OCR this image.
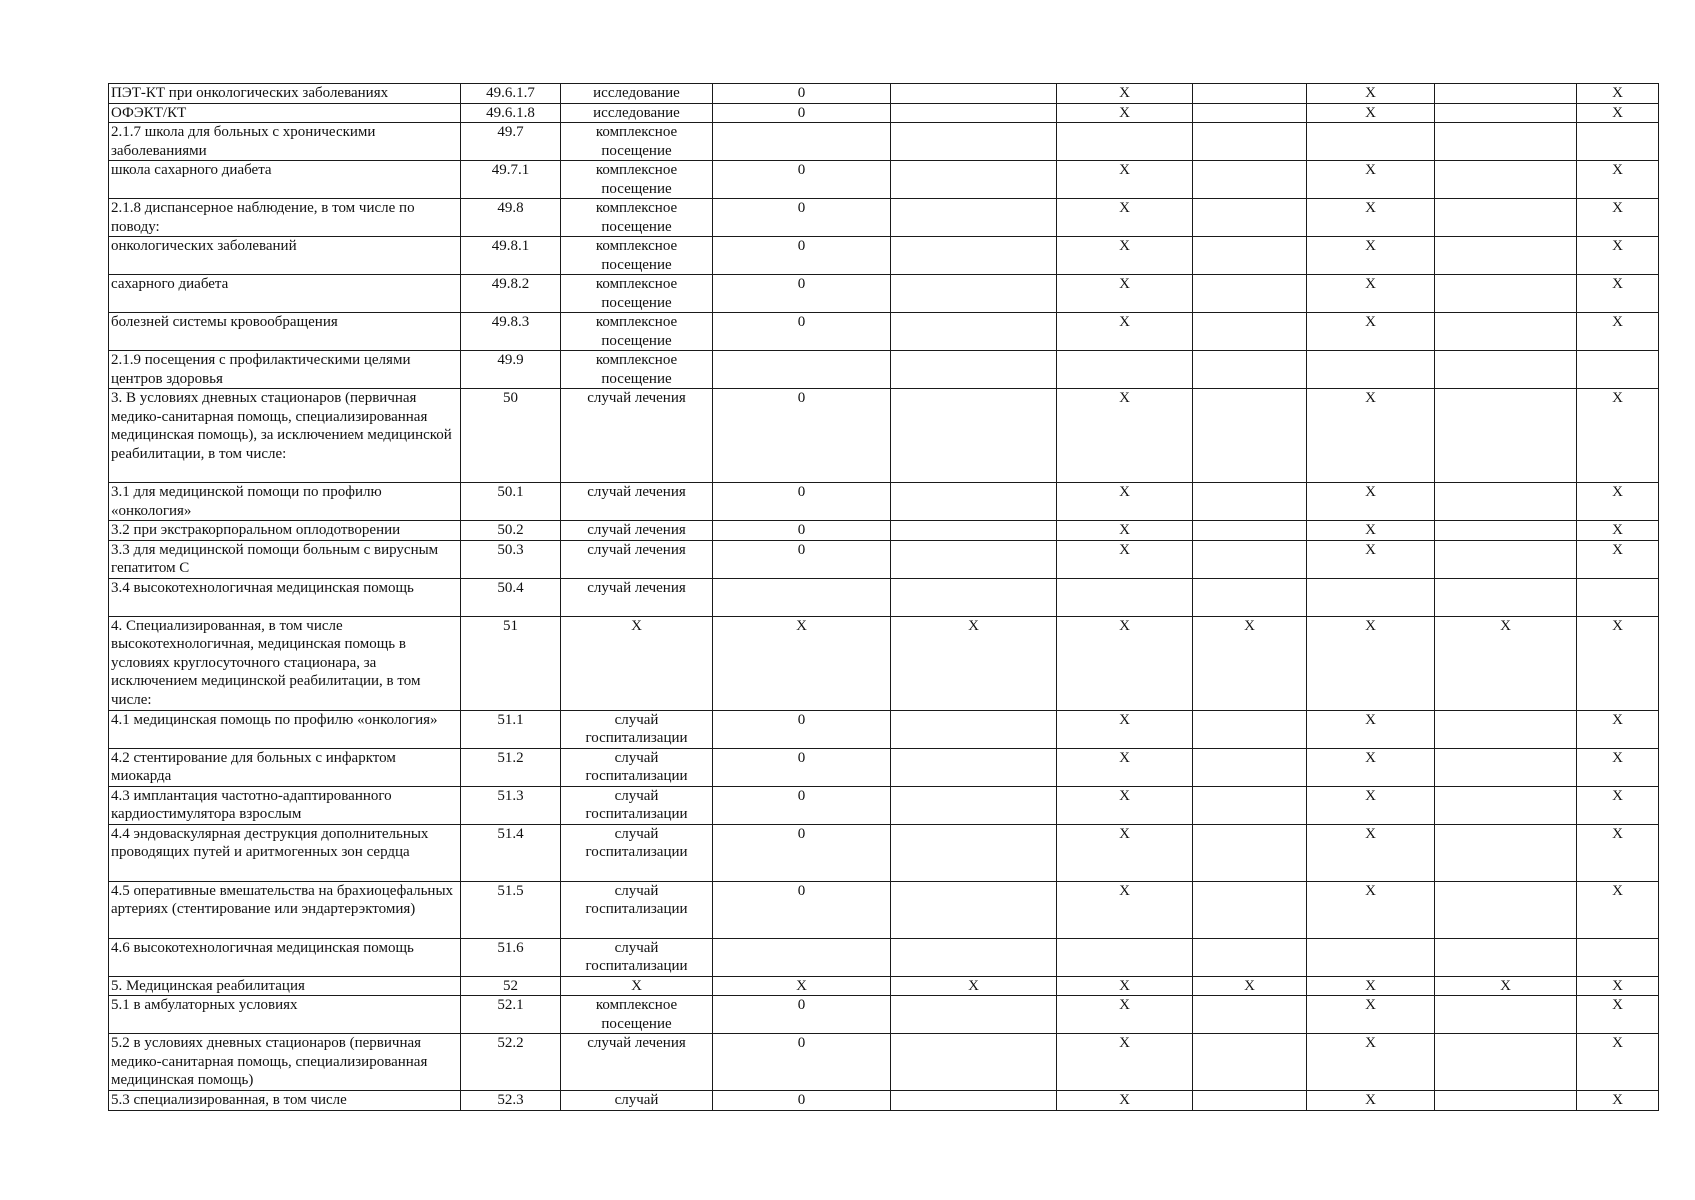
ПЭТ-КТ при онкологических заболеваниях	49.6.1.7	исследование	0		X		X		X
ОФЭКТ/КТ	49.6.1.8	исследование	0		X		X		X
2.1.7 школа для больных с хроническими заболеваниями	49.7	комплексное посещение							
школа сахарного диабета	49.7.1	комплексное посещение	0		X		X		X
2.1.8 диспансерное наблюдение, в том числе по поводу:	49.8	комплексное посещение	0		X		X		X
онкологических заболеваний	49.8.1	комплексное посещение	0		X		X		X
сахарного диабета	49.8.2	комплексное посещение	0		X		X		X
болезней системы кровообращения	49.8.3	комплексное посещение	0		X		X		X
2.1.9 посещения с профилактическими целями центров здоровья	49.9	комплексное посещение							
3. В условиях дневных стационаров (первичная медико-санитарная помощь, специализированная медицинская помощь), за исключением медицинской реабилитации, в том числе:	50	случай лечения	0		X		X		X
3.1 для медицинской помощи по профилю «онкология»	50.1	случай лечения	0		X		X		X
3.2 при экстракорпоральном оплодотворении	50.2	случай лечения	0		X		X		X
3.3 для медицинской помощи больным с вирусным гепатитом С	50.3	случай лечения	0		X		X		X
3.4 высокотехнологичная медицинская помощь	50.4	случай лечения							
4. Специализированная, в том числе высокотехнологичная, медицинская помощь в условиях круглосуточного стационара, за исключением медицинской реабилитации, в том числе:	51	X	X	X	X	X	X	X	X
4.1 медицинская помощь по профилю «онкология»	51.1	случай госпитализации	0		X		X		X
4.2 стентирование для больных с инфарктом миокарда	51.2	случай госпитализации	0		X		X		X
4.3 имплантация частотно-адаптированного кардиостимулятора взрослым	51.3	случай госпитализации	0		X		X		X
4.4 эндоваскулярная деструкция дополнительных проводящих путей и аритмогенных зон сердца	51.4	случай госпитализации	0		X		X		X
4.5 оперативные вмешательства на брахиоцефальных артериях (стентирование или эндартерэктомия)	51.5	случай госпитализации	0		X		X		X
4.6 высокотехнологичная медицинская помощь	51.6	случай госпитализации							
5. Медицинская реабилитация	52	X	X	X	X	X	X	X	X
5.1 в амбулаторных условиях	52.1	комплексное посещение	0		X		X		X
5.2 в условиях дневных стационаров (первичная медико-санитарная помощь, специализированная медицинская помощь)	52.2	случай лечения	0		X		X		X
5.3 специализированная, в том числе	52.3	случай	0		X		X		X
